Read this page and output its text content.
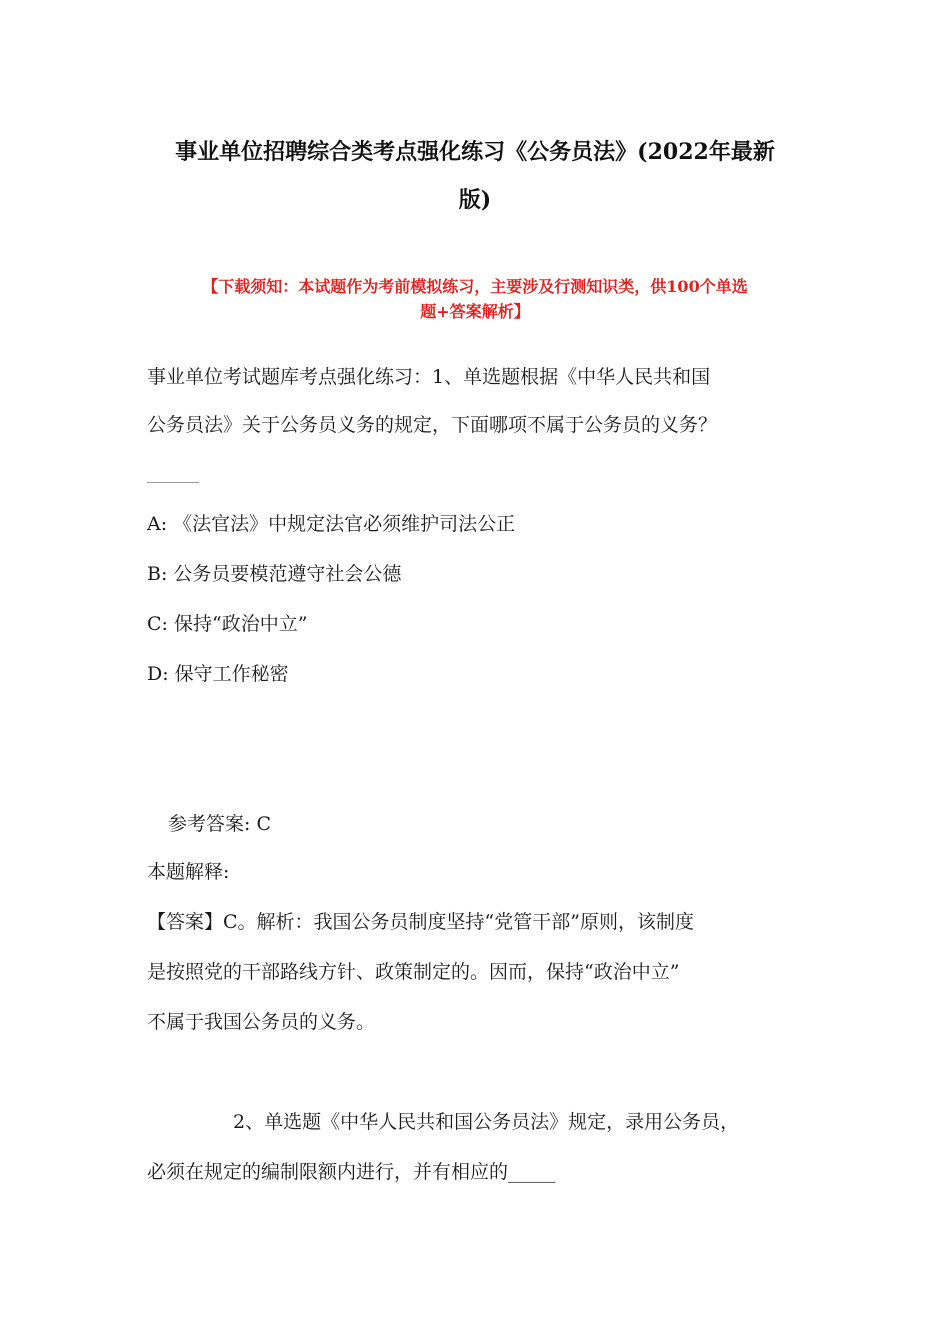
事业单位招聘综合类考点强化练习《公务员法》(2022年最新
版)
【下载须知：本试题作为考前模拟练习，主要涉及行测知识类，供100个单选
题+答案解析】
事业单位考试题库考点强化练习：1、单选题根据《中华人民共和国
公务员法》关于公务员义务的规定，下面哪项不属于公务员的义务？
A: 《法官法》中规定法官必须维护司法公正
B: 公务员要模范遵守社会公德
C: 保持“政治中立”
D: 保守工作秘密
参考答案: C
本题解释:
【答案】C。解析：我国公务员制度坚持“党管干部”原则，该制度
是按照党的干部路线方针、政策制定的。因而，保持“政治中立”
不属于我国公务员的义务。
2、单选题《中华人民共和国公务员法》规定，录用公务员，
必须在规定的编制限额内进行，并有相应的_____
